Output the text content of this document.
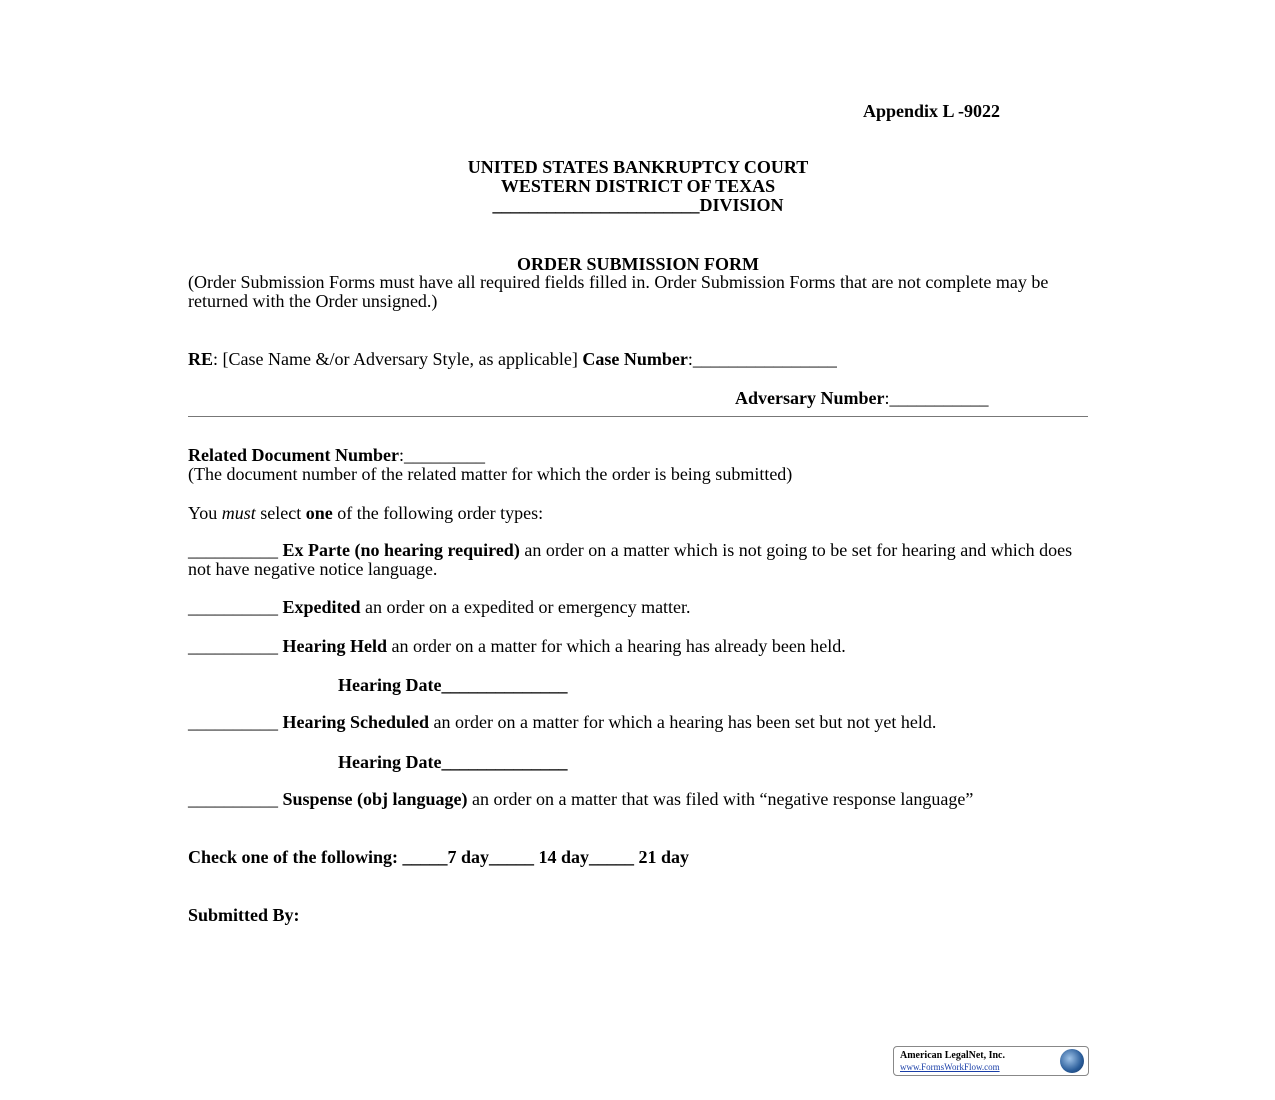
Appendix L -9022
UNITED STATES BANKRUPTCY COURT
WESTERN DISTRICT OF TEXAS
_______________________DIVISION
ORDER SUBMISSION FORM
(Order Submission Forms must have all required fields filled in. Order Submission Forms that are not complete may be returned with the Order unsigned.)
RE: [Case Name &/or Adversary Style, as applicable] Case Number:________________
Adversary Number:___________
Related Document Number:_________
(The document number of the related matter for which the order is being submitted)
You must select one of the following order types:
__________ Ex Parte (no hearing required) an order on a matter which is not going to be set for hearing and which does not have negative notice language.
__________ Expedited an order on a expedited or emergency matter.
__________ Hearing Held an order on a matter for which a hearing has already been held.
Hearing Date______________
__________ Hearing Scheduled an order on a matter for which a hearing has been set but not yet held.
Hearing Date______________
__________ Suspense (obj language) an order on a matter that was filed with “negative response language”
Check one of the following: _____7 day_____ 14 day_____ 21 day
Submitted By:
American LegalNet, Inc.
www.FormsWorkFlow.com
